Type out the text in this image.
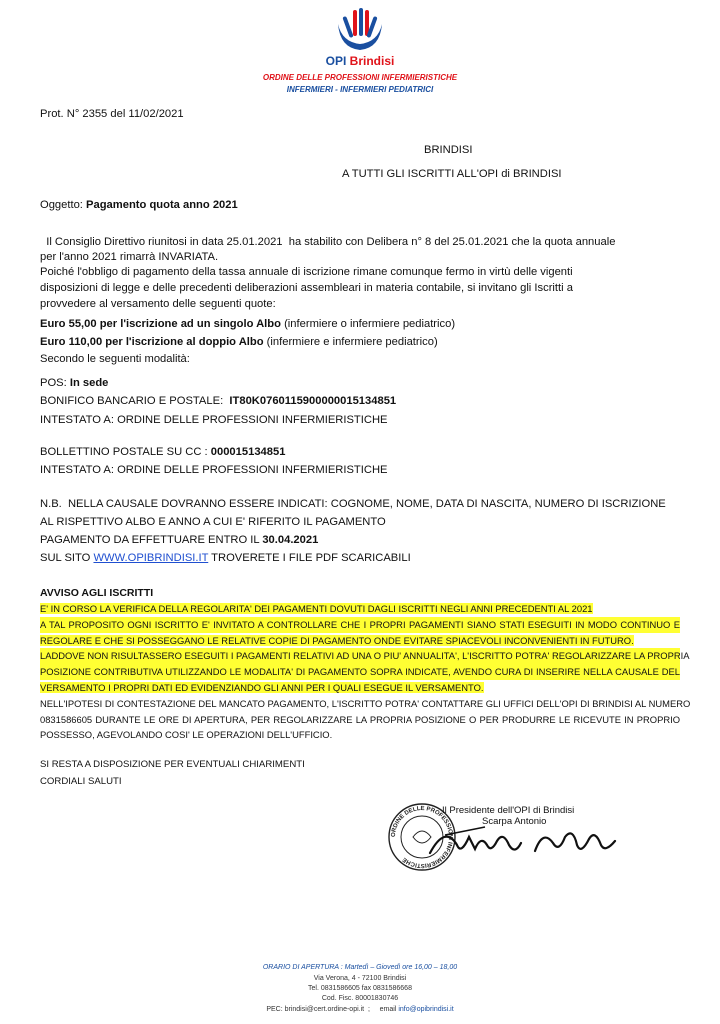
OPI Brindisi
ORDINE DELLE PROFESSIONI INFERMIERISTICHE
INFERMIERI - INFERMIERI PEDIATRICI
Prot. N° 2355 del 11/02/2021
BRINDISI
A TUTTI GLI ISCRITTI ALL'OPI di BRINDISI
Oggetto: Pagamento quota anno 2021
Il Consiglio Direttivo riunitosi in data 25.01.2021  ha stabilito con Delibera n° 8 del 25.01.2021 che la quota annuale
per l'anno 2021 rimarrà INVARIATA.
Poiché l'obbligo di pagamento della tassa annuale di iscrizione rimane comunque fermo in virtù delle vigenti
disposizioni di legge e delle precedenti deliberazioni assembleari in materia contabile, si invitano gli Iscritti a
provvedere al versamento delle seguenti quote:
Euro 55,00 per l'iscrizione ad un singolo Albo (infermiere o infermiere pediatrico)
Euro 110,00 per l'iscrizione al doppio Albo (infermiere e infermiere pediatrico)
Secondo le seguenti modalità:
POS: In sede
BONIFICO BANCARIO E POSTALE:  IT80K0760115900000015134851
INTESTATO A: ORDINE DELLE PROFESSIONI INFERMIERISTICHE
BOLLETTINO POSTALE SU CC : 000015134851
INTESTATO A: ORDINE DELLE PROFESSIONI INFERMIERISTICHE
N.B.  NELLA CAUSALE DOVRANNO ESSERE INDICATI: COGNOME, NOME, DATA DI NASCITA, NUMERO DI ISCRIZIONE
AL RISPETTIVO ALBO E ANNO A CUI E' RIFERITO IL PAGAMENTO
PAGAMENTO DA EFFETTUARE ENTRO IL 30.04.2021
SUL SITO WWW.OPIBRINDISI.IT TROVERETE I FILE PDF SCARICABILI
AVVISO AGLI ISCRITTI
E' IN CORSO LA VERIFICA DELLA REGOLARITA' DEI PAGAMENTI DOVUTI DAGLI ISCRITTI NEGLI ANNI PRECEDENTI AL 2021
A TAL PROPOSITO OGNI ISCRITTO E' INVITATO A CONTROLLARE CHE I PROPRI PAGAMENTI SIANO STATI ESEGUITI IN MODO CONTINUO E
REGOLARE E CHE SI POSSEGGANO LE RELATIVE COPIE DI PAGAMENTO ONDE EVITARE SPIACEVOLI INCONVENIENTI IN FUTURO.
LADDOVE NON RISULTASSERO ESEGUITI I PAGAMENTI RELATIVI AD UNA O PIU' ANNUALITA', L'ISCRITTO POTRA' REGOLARIZZARE LA PROPRIA
POSIZIONE CONTRIBUTIVA UTILIZZANDO LE MODALITA' DI PAGAMENTO SOPRA INDICATE, AVENDO CURA DI INSERIRE NELLA CAUSALE DEL
VERSAMENTO I PROPRI DATI ED EVIDENZIANDO GLI ANNI PER I QUALI ESEGUE IL VERSAMENTO.
NELL'IPOTESI DI CONTESTAZIONE DEL MANCATO PAGAMENTO, L'ISCRITTO POTRA' CONTATTARE GLI UFFICI DELL'OPI DI BRINDISI AL NUMERO
0831586605 DURANTE LE ORE DI APERTURA, PER REGOLARIZZARE LA PROPRIA POSIZIONE O PER PRODURRE LE RICEVUTE IN PROPRIO
POSSESSO, AGEVOLANDO COSI' LE OPERAZIONI DELL'UFFICIO.
SI RESTA A DISPOSIZIONE PER EVENTUALI CHIARIMENTI
CORDIALI SALUTI
ORDINE DELLE PROFESSIONI INFERMIERISTICHE
Il Presidente dell'OPI di Brindisi
Scarpa Antonio
ORARIO DI APERTURA : Martedì – Giovedì ore 16,00 – 18,00
Via Verona, 4 - 72100 Brindisi
Tel. 0831586605 fax 0831586668
Cod. Fisc. 80001830746
PEC: brindisi@cert.ordine-opi.it  ;     email info@opibrindisi.it
